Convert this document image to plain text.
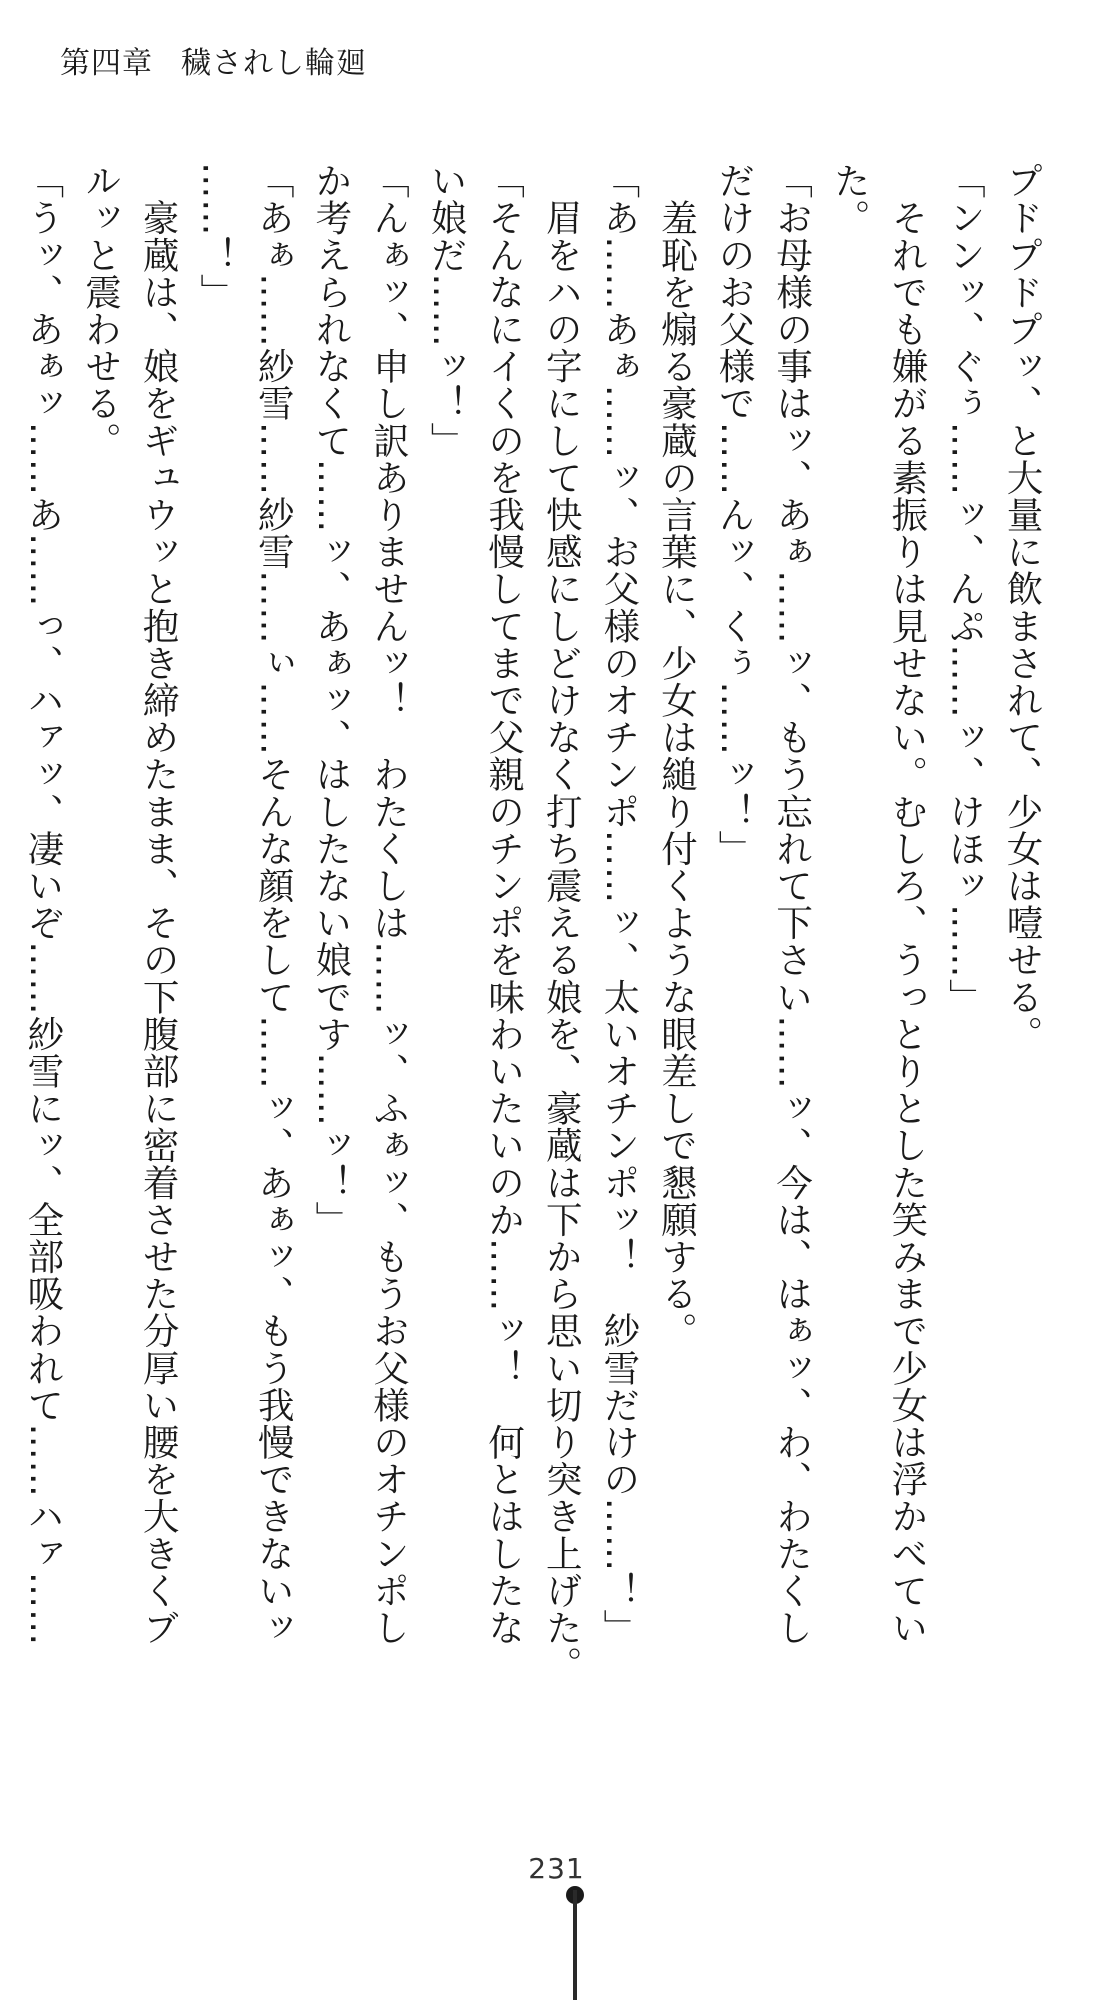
第四章 穢されし輪廻

プドプドプッ、と大量に飲まされて、少女は噎せる。

「ンンッ、ぐぅ……ッ、んぷ……ッ、けほッ……」

　それでも嫌がる素振りは見せない。むしろ、うっとりとした笑みまで少女は浮かべてい

た。

「お母様の事はッ、あぁ……ッ、もう忘れて下さい……ッ、今は、はぁッ、わ、わたくし

だけのお父様で……んッ、くぅ……ッ！」

　羞恥を煽る豪蔵の言葉に、少女は縋り付くような眼差しで懇願する。

「あ……あぁ……ッ、お父様のオチンポ……ッ、太いオチンポッ！　紗雪だけの……！」

　眉をハの字にして快感にしどけなく打ち震える娘を、豪蔵は下から思い切り突き上げた。

「そんなにイくのを我慢してまで父親のチンポを味わいたいのか……ッ！　何とはしたな

い娘だ……ッ！」

「んぁッ、申し訳ありませんッ！　わたくしは……ッ、ふぁッ、もうお父様のオチンポし

か考えられなくて……ッ、あぁッ、はしたない娘です……ッ！」

「あぁ……紗雪……紗雪……ぃ……そんな顔をして……ッ、あぁッ、もう我慢できないッ

……！」

　豪蔵は、娘をギュウッと抱き締めたまま、その下腹部に密着させた分厚い腰を大きくブ

ルッと震わせる。

「うッ、あぁッ……あ……っ、ハァッ、凄いぞ……紗雪にッ、全部吸われて……ハァ……

231
